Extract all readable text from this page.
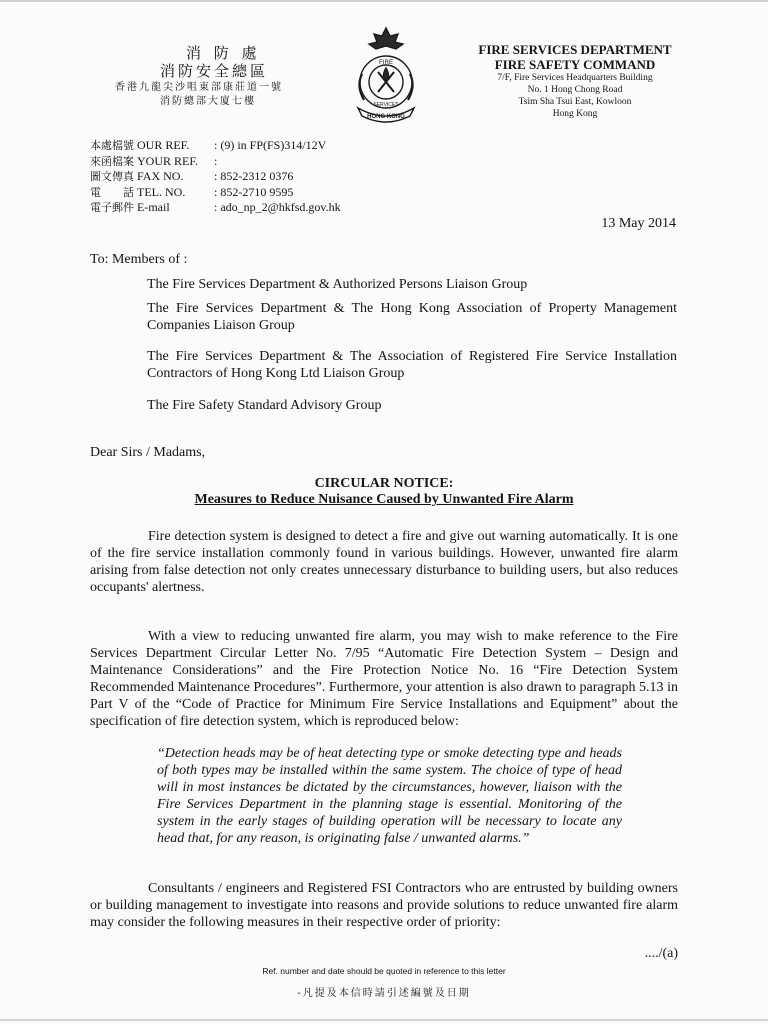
消 防 處
消防安全總區
香港九龍尖沙咀東部康莊道一號
消防總部大廈七樓
FIRE
SERVICES
HONG KONG
FIRE SERVICES DEPARTMENT
FIRE SAFETY COMMAND
7/F, Fire Services Headquarters Building
No. 1 Hong Chong Road
Tsim Sha Tsui East, Kowloon
Hong Kong
本處檔號 OUR REF.	: (9) in FP(FS)314/12V
來函檔案 YOUR REF.	:
圖文傳真 FAX NO.	: 852-2312 0376
電　　話 TEL. NO.	: 852-2710 9595
電子郵件 E-mail	: ado_np_2@hkfsd.gov.hk
13 May 2014
To: Members of :
The Fire Services Department & Authorized Persons Liaison Group
The Fire Services Department & The Hong Kong Association of Property Management Companies Liaison Group
The Fire Services Department & The Association of Registered Fire Service Installation Contractors of Hong Kong Ltd Liaison Group
The Fire Safety Standard Advisory Group
Dear Sirs / Madams,
CIRCULAR NOTICE:
Measures to Reduce Nuisance Caused by Unwanted Fire Alarm
Fire detection system is designed to detect a fire and give out warning automatically. It is one of the fire service installation commonly found in various buildings. However, unwanted fire alarm arising from false detection not only creates unnecessary disturbance to building users, but also reduces occupants' alertness.
With a view to reducing unwanted fire alarm, you may wish to make reference to the Fire Services Department Circular Letter No. 7/95 “Automatic Fire Detection System – Design and Maintenance Considerations” and the Fire Protection Notice No. 16 “Fire Detection System Recommended Maintenance Procedures”. Furthermore, your attention is also drawn to paragraph 5.13 in Part V of the “Code of Practice for Minimum Fire Service Installations and Equipment” about the specification of fire detection system, which is reproduced below:
“Detection heads may be of heat detecting type or smoke detecting type and heads of both types may be installed within the same system. The choice of type of head will in most instances be dictated by the circumstances, however, liaison with the Fire Services Department in the planning stage is essential. Monitoring of the system in the early stages of building operation will be necessary to locate any head that, for any reason, is originating false / unwanted alarms.”
Consultants / engineers and Registered FSI Contractors who are entrusted by building owners or building management to investigate into reasons and provide solutions to reduce unwanted fire alarm may consider the following measures in their respective order of priority:
..../(a)
Ref. number and date should be quoted in reference to this letter
-凡提及本信時請引述編號及日期
